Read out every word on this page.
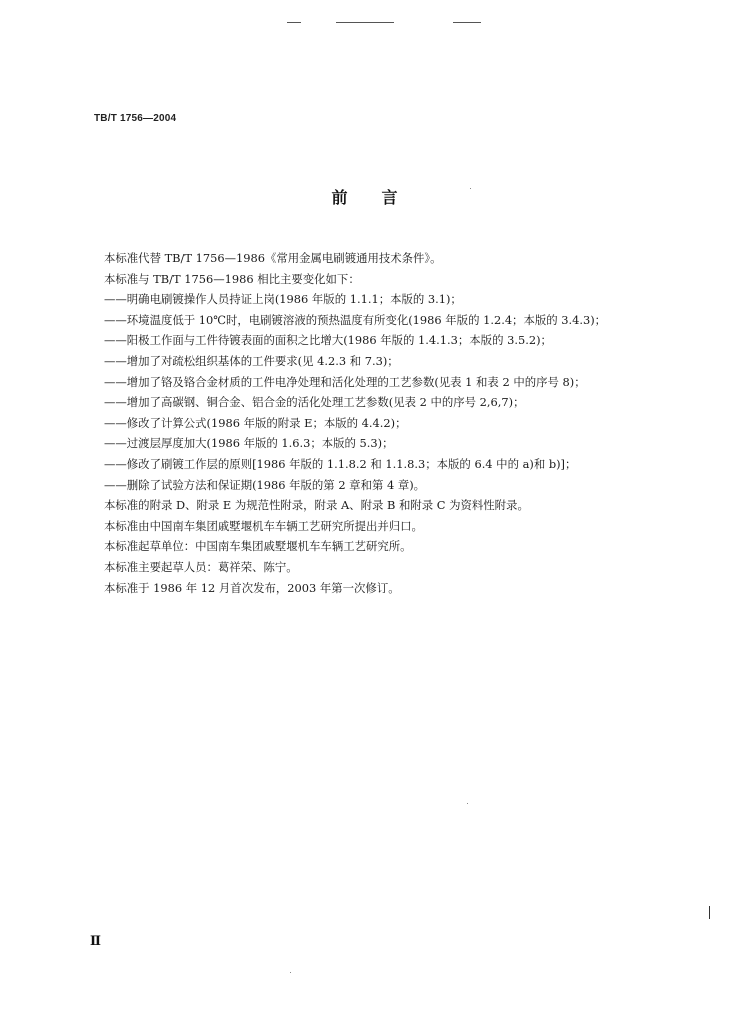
TB/T 1756—2004
前言
本标准代替 TB/T 1756—1986《常用金属电刷镀通用技术条件》。
本标准与 TB/T 1756—1986 相比主要变化如下：
——明确电刷镀操作人员持证上岗(1986 年版的 1.1.1；本版的 3.1)；
——环境温度低于 10℃时，电刷镀溶液的预热温度有所变化(1986 年版的 1.2.4；本版的 3.4.3)；
——阳极工作面与工件待镀表面的面积之比增大(1986 年版的 1.4.1.3；本版的 3.5.2)；
——增加了对疏松组织基体的工件要求(见 4.2.3 和 7.3)；
——增加了铬及铬合金材质的工件电净处理和活化处理的工艺参数(见表 1 和表 2 中的序号 8)；
——增加了高碳钢、铜合金、铝合金的活化处理工艺参数(见表 2 中的序号 2,6,7)；
——修改了计算公式(1986 年版的附录 E；本版的 4.4.2)；
——过渡层厚度加大(1986 年版的 1.6.3；本版的 5.3)；
——修改了刷镀工作层的原则[1986 年版的 1.1.8.2 和 1.1.8.3；本版的 6.4 中的 a)和 b)]；
——删除了试验方法和保证期(1986 年版的第 2 章和第 4 章)。
本标准的附录 D、附录 E 为规范性附录，附录 A、附录 B 和附录 C 为资料性附录。
本标准由中国南车集团戚墅堰机车车辆工艺研究所提出并归口。
本标准起草单位：中国南车集团戚墅堰机车车辆工艺研究所。
本标准主要起草人员：葛祥荣、陈宁。
本标准于 1986 年 12 月首次发布，2003 年第一次修订。
Ⅱ
